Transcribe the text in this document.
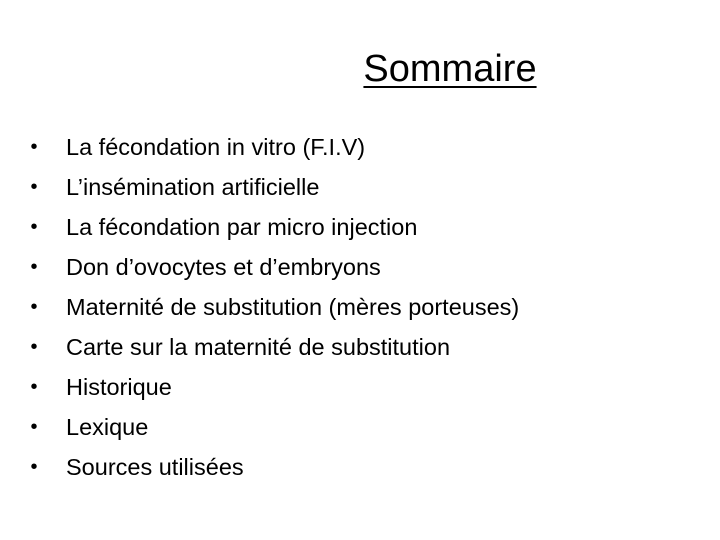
Sommaire
• La fécondation in vitro (F.I.V)
• L’insémination artificielle
• La fécondation par micro injection
• Don d’ovocytes et d’embryons
• Maternité de substitution (mères porteuses)
• Carte sur la maternité de substitution
• Historique
• Lexique
• Sources utilisées
